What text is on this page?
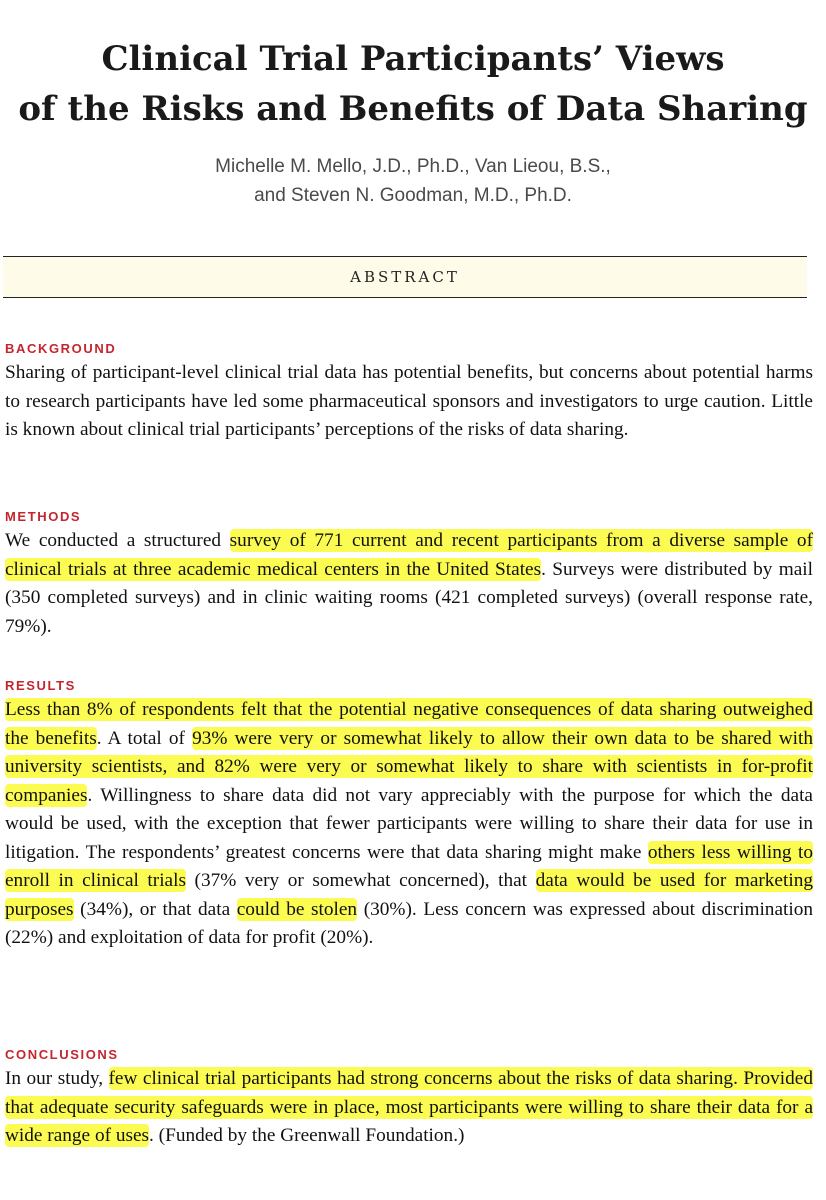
Clinical Trial Participants’ Views
of the Risks and Benefits of Data Sharing
Michelle M. Mello, J.D., Ph.D., Van Lieou, B.S.,
and Steven N. Goodman, M.D., Ph.D.
ABSTRACT
BACKGROUND

Sharing of participant-level clinical trial data has potential benefits, but concerns about potential harms to research participants have led some pharmaceutical sponsors and investigators to urge caution. Little is known about clinical trial participants’ perceptions of the risks of data sharing.

METHODS

We conducted a structured survey of 771 current and recent participants from a diverse sample of clinical trials at three academic medical centers in the United States. Surveys were distributed by mail (350 completed surveys) and in clinic waiting rooms (421 completed surveys) (overall response rate, 79%).

RESULTS

Less than 8% of respondents felt that the potential negative consequences of data sharing outweighed the benefits. A total of 93% were very or somewhat likely to allow their own data to be shared with university scientists, and 82% were very or somewhat likely to share with scientists in for-profit companies. Willingness to share data did not vary appreciably with the purpose for which the data would be used, with the exception that fewer participants were willing to share their data for use in litigation. The respondents’ greatest concerns were that data sharing might make others less willing to enroll in clinical trials (37% very or somewhat concerned), that data would be used for marketing purposes (34%), or that data could be stolen (30%). Less concern was expressed about discrimination (22%) and exploitation of data for profit (20%).

CONCLUSIONS

In our study, few clinical trial participants had strong concerns about the risks of data sharing. Provided that adequate security safeguards were in place, most participants were willing to share their data for a wide range of uses. (Funded by the Greenwall Foundation.)
